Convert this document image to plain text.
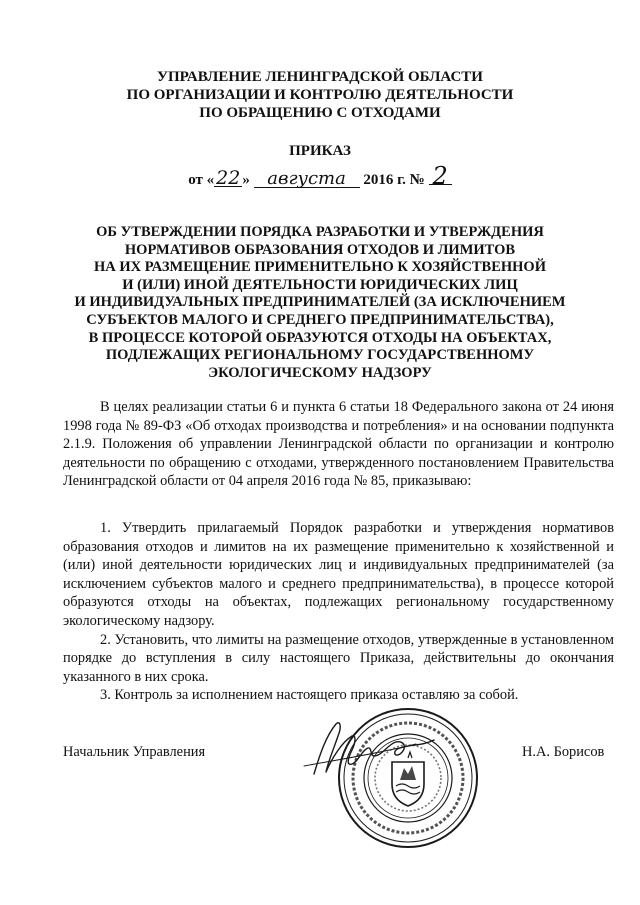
УПРАВЛЕНИЕ ЛЕНИНГРАДСКОЙ ОБЛАСТИ
ПО ОРГАНИЗАЦИИ И КОНТРОЛЮ ДЕЯТЕЛЬНОСТИ
ПО ОБРАЩЕНИЮ С ОТХОДАМИ
ПРИКАЗ
от « 22 » августа 2016 г. № 2
ОБ УТВЕРЖДЕНИИ ПОРЯДКА РАЗРАБОТКИ И УТВЕРЖДЕНИЯ
НОРМАТИВОВ ОБРАЗОВАНИЯ ОТХОДОВ И ЛИМИТОВ
НА ИХ РАЗМЕЩЕНИЕ ПРИМЕНИТЕЛЬНО К ХОЗЯЙСТВЕННОЙ
И (ИЛИ) ИНОЙ ДЕЯТЕЛЬНОСТИ ЮРИДИЧЕСКИХ ЛИЦ
И ИНДИВИДУАЛЬНЫХ ПРЕДПРИНИМАТЕЛЕЙ (ЗА ИСКЛЮЧЕНИЕМ
СУБЪЕКТОВ МАЛОГО И СРЕДНЕГО ПРЕДПРИНИМАТЕЛЬСТВА),
В ПРОЦЕССЕ КОТОРОЙ ОБРАЗУЮТСЯ ОТХОДЫ НА ОБЪЕКТАХ,
ПОДЛЕЖАЩИХ РЕГИОНАЛЬНОМУ ГОСУДАРСТВЕННОМУ
ЭКОЛОГИЧЕСКОМУ НАДЗОРУ

В целях реализации статьи 6 и пункта 6 статьи 18 Федерального закона от 24 июня 1998 года № 89-ФЗ «Об отходах производства и потребления» и на основании подпункта 2.1.9. Положения об управлении Ленинградской области по организации и контролю деятельности по обращению с отходами, утвержденного постановлением Правительства Ленинградской области от 04 апреля 2016 года № 85, приказываю:

1. Утвердить прилагаемый Порядок разработки и утверждения нормативов образования отходов и лимитов на их размещение применительно к хозяйственной и (или) иной деятельности юридических лиц и индивидуальных предпринимателей (за исключением субъектов малого и среднего предпринимательства), в процессе которой образуются отходы на объектах, подлежащих региональному государственному экологическому надзору.

2. Установить, что лимиты на размещение отходов, утвержденные в установленном порядке до вступления в силу настоящего Приказа, действительны до окончания указанного в них срока.

3. Контроль за исполнением настоящего приказа оставляю за собой.

Начальник Управления	Н.А. Борисов
